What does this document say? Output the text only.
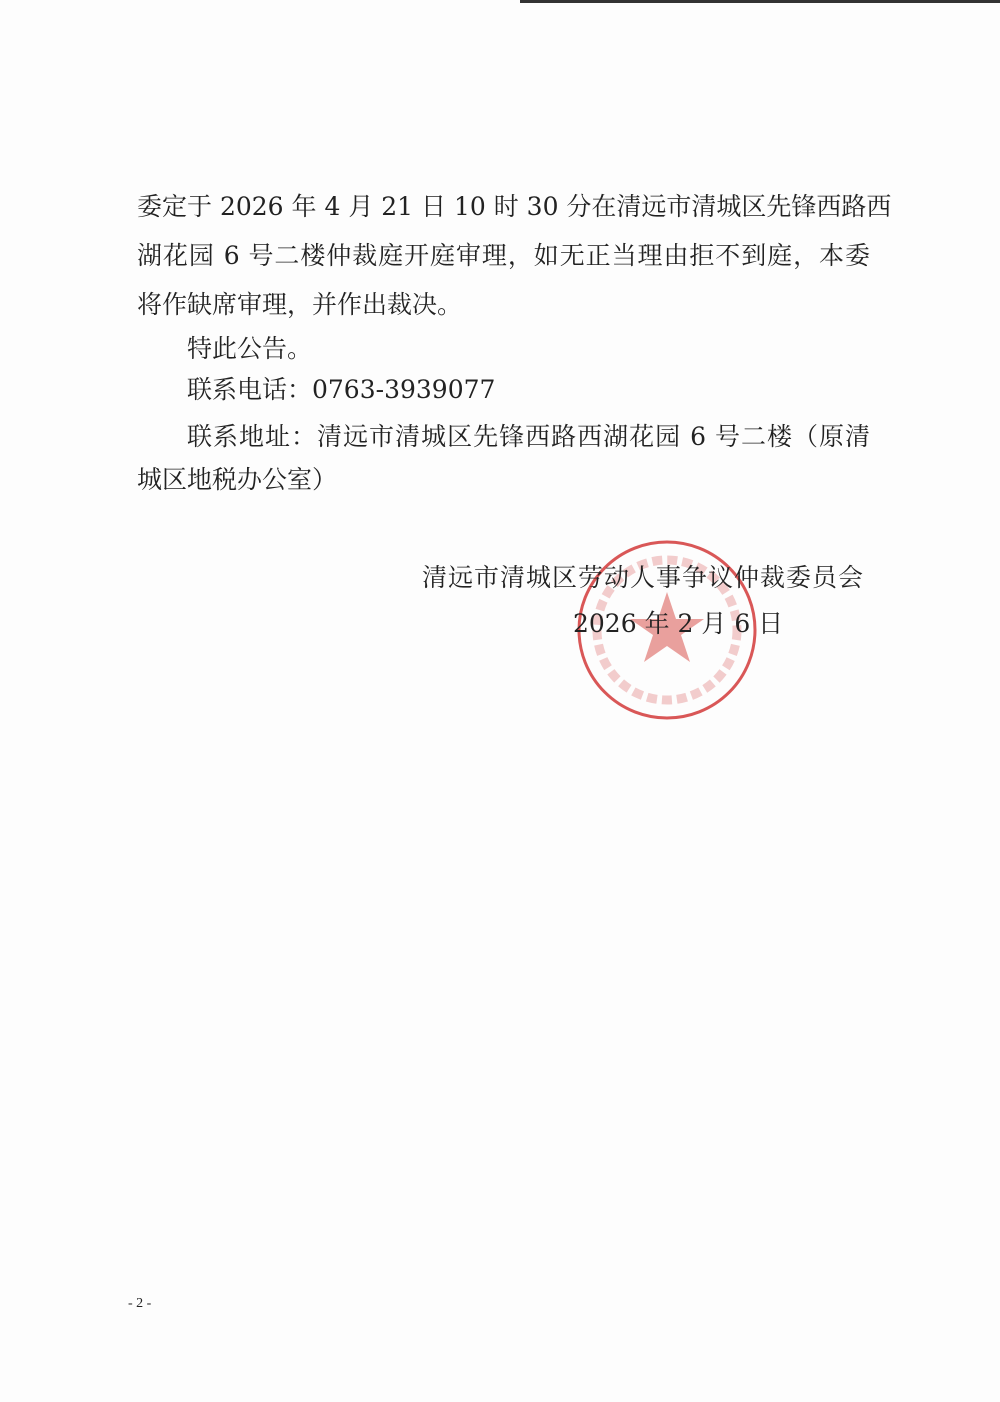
委定于 2026 年 4 月 21 日 10 时 30 分在清远市清城区先锋西路西
湖花园 6 号二楼仲裁庭开庭审理，如无正当理由拒不到庭，本委
将作缺席审理，并作出裁决。
特此公告。
联系电话：0763-3939077
联系地址：清远市清城区先锋西路西湖花园 6 号二楼（原清
城区地税办公室）
清远市清城区劳动人事争议仲裁委员会
2026 年 2 月 6 日
- 2 -
